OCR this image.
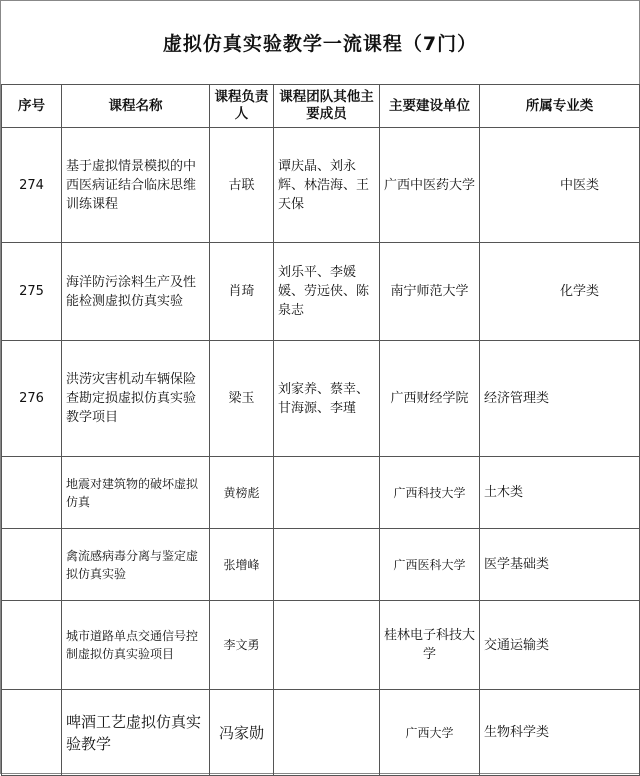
虚拟仿真实验教学一流课程（7门）
序号	课程名称	课程负责人	课程团队其他主要成员	主要建设单位	所属专业类
274	基于虚拟情景模拟的中西医病证结合临床思维训练课程	古联	谭庆晶、刘永辉、林浩海、王天保	广西中医药大学	中医类
275	海洋防污涂料生产及性能检测虚拟仿真实验	肖琦	刘乐平、李媛媛、劳远侠、陈泉志	南宁师范大学	化学类
276	洪涝灾害机动车辆保险查勘定损虚拟仿真实验教学项目	梁玉	刘家养、蔡幸、甘海源、李瑾	广西财经学院	经济管理类
	地震对建筑物的破坏虚拟仿真	黄榜彪		广西科技大学	土木类
	禽流感病毒分离与鉴定虚拟仿真实验	张增峰		广西医科大学	医学基础类
	城市道路单点交通信号控制虚拟仿真实验项目	李文勇		桂林电子科技大学	交通运输类
	啤酒工艺虚拟仿真实验教学	冯家勋		广西大学	生物科学类
